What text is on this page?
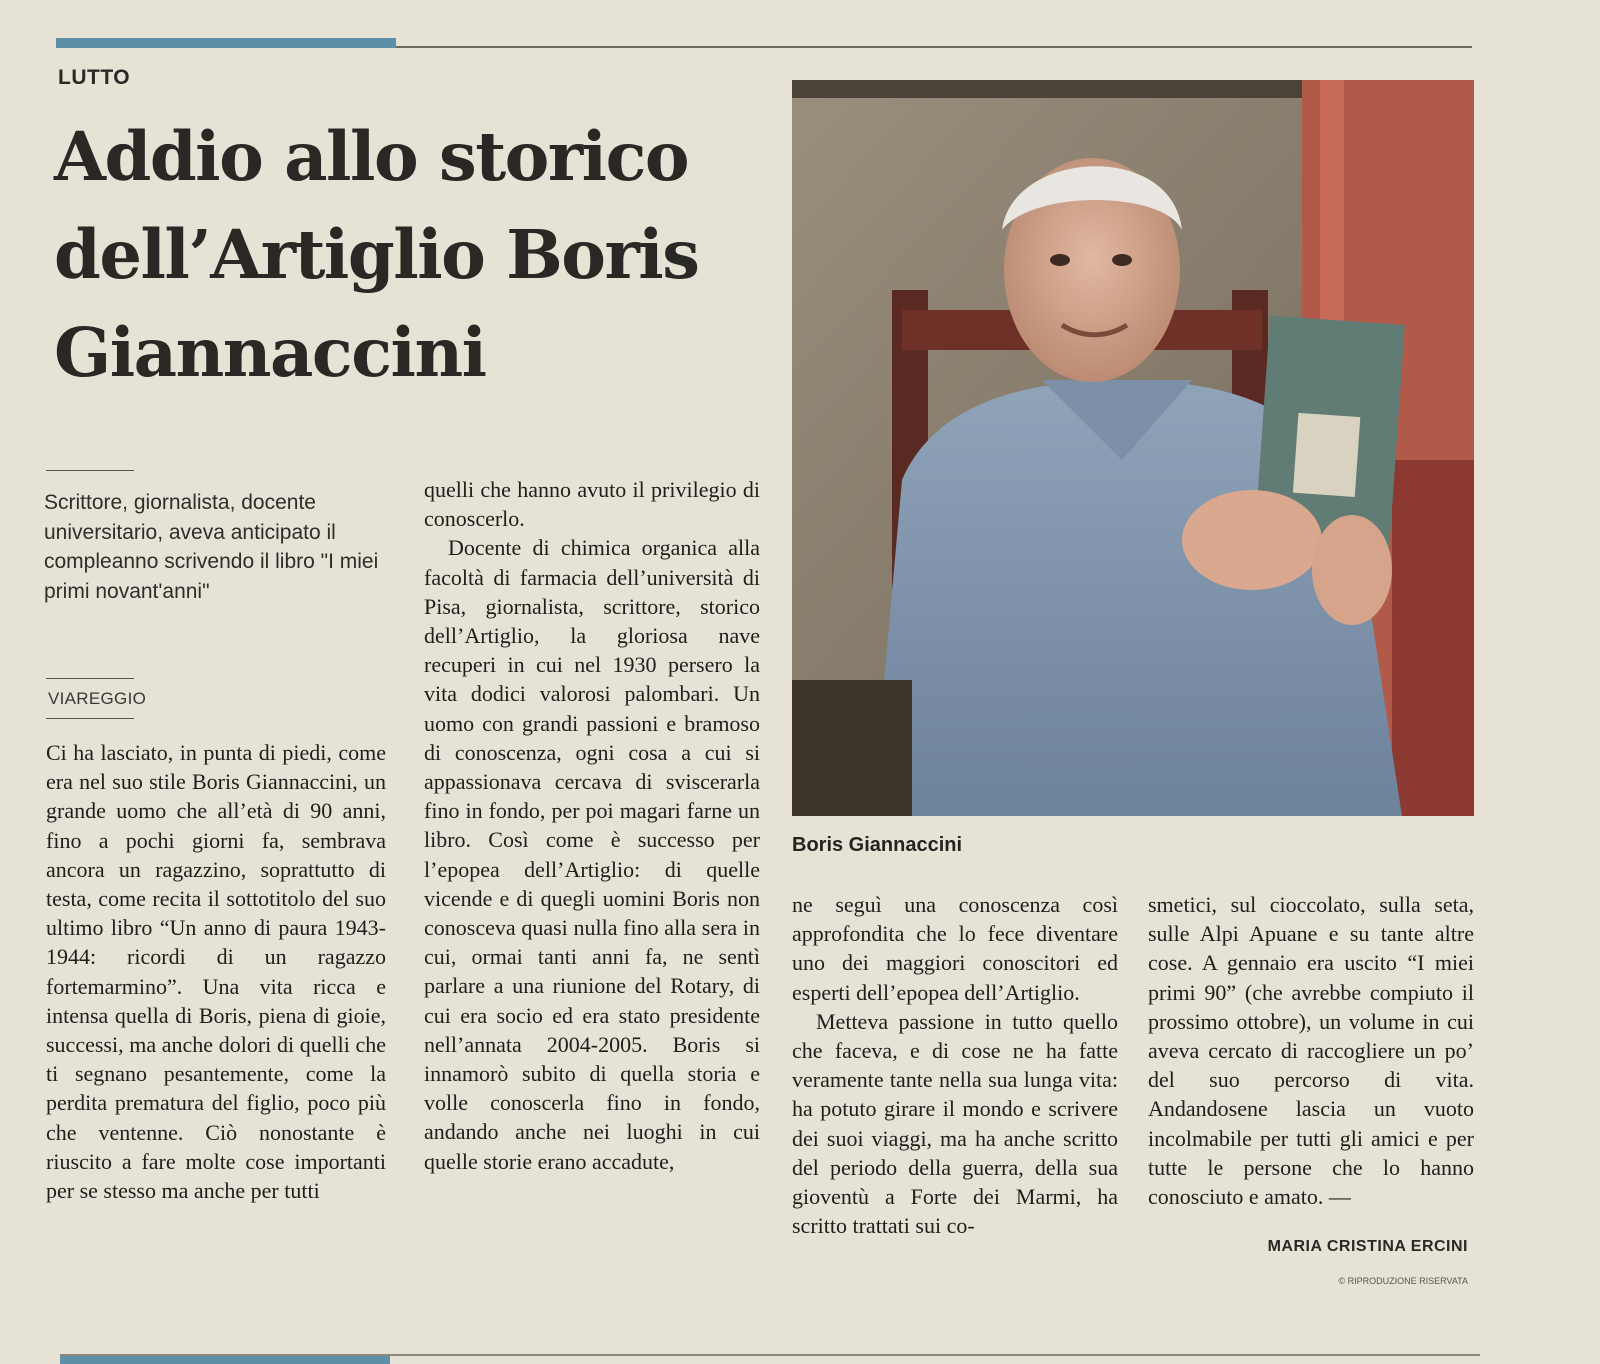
LUTTO
Addio allo storico dell’Artiglio Boris Giannaccini

Scrittore, giornalista, docente universitario, aveva anticipato il compleanno scrivendo il libro "I miei primi novant'anni"

VIAREGGIO

Ci ha lasciato, in punta di piedi, come era nel suo stile Boris Giannaccini, un grande uomo che all’età di 90 anni, fino a pochi giorni fa, sembrava ancora un ragazzino, soprattutto di testa, come recita il sottotitolo del suo ultimo libro “Un anno di paura 1943-1944: ricordi di un ragazzo fortemarmino”. Una vita ricca e intensa quella di Boris, piena di gioie, successi, ma anche dolori di quelli che ti segnano pesantemente, come la perdita prematura del figlio, poco più che ventenne. Ciò nonostante è riuscito a fare molte cose importanti per se stesso ma anche per tutti

quelli che hanno avuto il privilegio di conoscerlo.

Docente di chimica organica alla facoltà di farmacia dell’università di Pisa, giornalista, scrittore, storico dell’Artiglio, la gloriosa nave recuperi in cui nel 1930 persero la vita dodici valorosi palombari. Un uomo con grandi passioni e bramoso di conoscenza, ogni cosa a cui si appassionava cercava di sviscerarla fino in fondo, per poi magari farne un libro. Così come è successo per l’epopea dell’Artiglio: di quelle vicende e di quegli uomini Boris non conosceva quasi nulla fino alla sera in cui, ormai tanti anni fa, ne sentì parlare a una riunione del Rotary, di cui era socio ed era stato presidente nell’annata 2004-2005. Boris si innamorò subito di quella storia e volle conoscerla fino in fondo, andando anche nei luoghi in cui quelle storie erano accadute,

Boris Giannaccini

ne seguì una conoscenza così approfondita che lo fece diventare uno dei maggiori conoscitori ed esperti dell’epopea dell’Artiglio.

Metteva passione in tutto quello che faceva, e di cose ne ha fatte veramente tante nella sua lunga vita: ha potuto girare il mondo e scrivere dei suoi viaggi, ma ha anche scritto del periodo della guerra, della sua gioventù a Forte dei Marmi, ha scritto trattati sui co-

smetici, sul cioccolato, sulla seta, sulle Alpi Apuane e su tante altre cose. A gennaio era uscito “I miei primi 90” (che avrebbe compiuto il prossimo ottobre), un volume in cui aveva cercato di raccogliere un po’ del suo percorso di vita. Andandosene lascia un vuoto incolmabile per tutti gli amici e per tutte le persone che lo hanno conosciuto e amato. —

MARIA CRISTINA ERCINI
© RIPRODUZIONE RISERVATA
